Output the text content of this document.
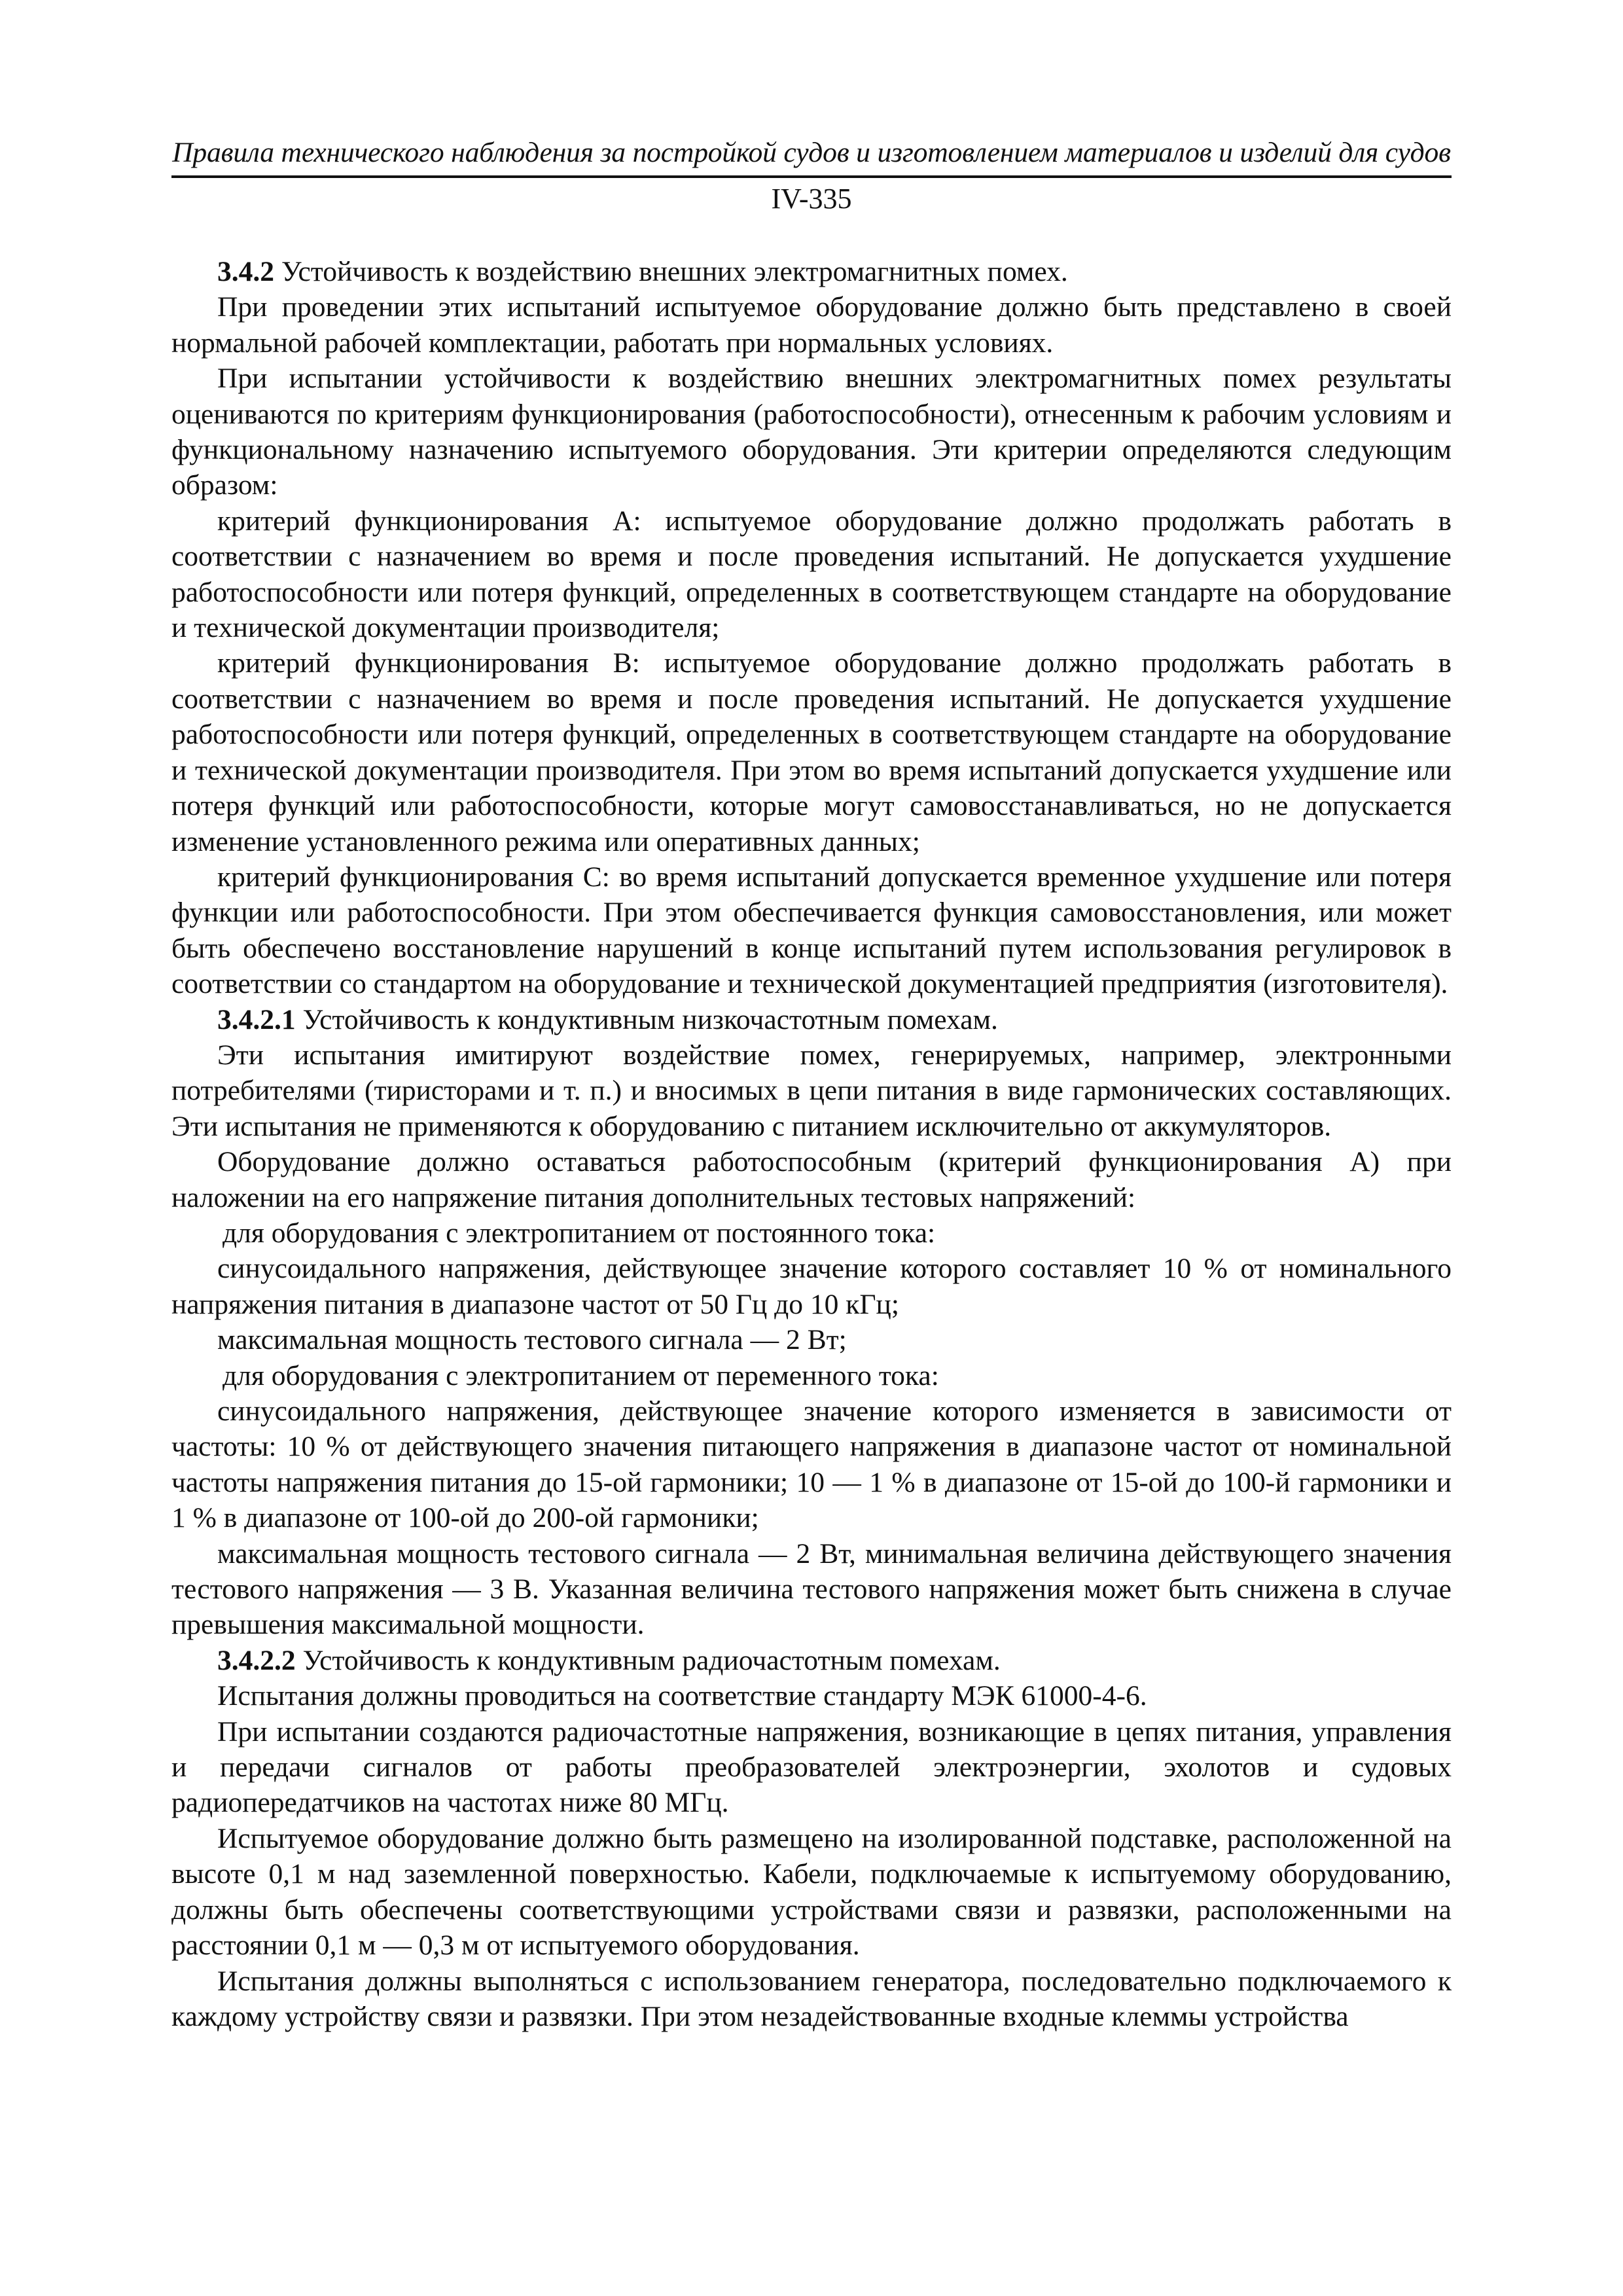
Правила технического наблюдения за постройкой судов и изготовлением материалов и изделий для судов
IV-335

3.4.2 Устойчивость к воздействию внешних электромагнитных помех.

При проведении этих испытаний испытуемое оборудование должно быть представлено в своей нормальной рабочей комплектации, работать при нормальных условиях.

При испытании устойчивости к воздействию внешних электромагнитных помех результаты оцениваются по критериям функционирования (работоспособности), отнесенным к рабочим условиям и функциональному назначению испытуемого оборудования. Эти критерии определяются следующим образом:

критерий функционирования А: испытуемое оборудование должно продолжать работать в соответствии с назначением во время и после проведения испытаний. Не допускается ухудшение работоспособности или потеря функций, определенных в соответствующем стандарте на оборудование и технической документации производителя;

критерий функционирования В: испытуемое оборудование должно продолжать работать в соответствии с назначением во время и после проведения испытаний. Не допускается ухудшение работоспособности или потеря функций, определенных в соответствующем стандарте на оборудование и технической документации производителя. При этом во время испытаний допускается ухудшение или потеря функций или работоспособности, которые могут самовосстанавливаться, но не допускается изменение установленного режима или оперативных данных;

критерий функционирования С: во время испытаний допускается временное ухудшение или потеря функции или работоспособности. При этом обеспечивается функция самовосстановления, или может быть обеспечено восстановление нарушений в конце испытаний путем использования регулировок в соответствии со стандартом на оборудование и технической документацией предприятия (изготовителя).

3.4.2.1 Устойчивость к кондуктивным низкочастотным помехам.

Эти испытания имитируют воздействие помех, генерируемых, например, электронными потребителями (тиристорами и т. п.) и вносимых в цепи питания в виде гармонических составляющих. Эти испытания не применяются к оборудованию с питанием исключительно от аккумуляторов.

Оборудование должно оставаться работоспособным (критерий функционирования А) при наложении на его напряжение питания дополнительных тестовых напряжений:

для оборудования с электропитанием от постоянного тока:

синусоидального напряжения, действующее значение которого составляет 10 % от номинального напряжения питания в диапазоне частот от 50 Гц до 10 кГц;

максимальная мощность тестового сигнала — 2 Вт;

для оборудования с электропитанием от переменного тока:

синусоидального напряжения, действующее значение которого изменяется в зависимости от частоты: 10 % от действующего значения питающего напряжения в диапазоне частот от номинальной частоты напряжения питания до 15-ой гармоники; 10 — 1 % в диапазоне от 15-ой до 100-й гармоники и 1 % в диапазоне от 100-ой до 200-ой гармоники;

максимальная мощность тестового сигнала — 2 Вт, минимальная величина действующего значения тестового напряжения — 3 В. Указанная величина тестового напряжения может быть снижена в случае превышения максимальной мощности.

3.4.2.2 Устойчивость к кондуктивным радиочастотным помехам.

Испытания должны проводиться на соответствие стандарту МЭК 61000-4-6.

При испытании создаются радиочастотные напряжения, возникающие в цепях питания, управления и передачи сигналов от работы преобразователей электроэнергии, эхолотов и судовых радиопередатчиков на частотах ниже 80 МГц.

Испытуемое оборудование должно быть размещено на изолированной подставке, расположенной на высоте 0,1 м над заземленной поверхностью. Кабели, подключаемые к испытуемому оборудованию, должны быть обеспечены соответствующими устройствами связи и развязки, расположенными на расстоянии 0,1 м — 0,3 м от испытуемого оборудования.

Испытания должны выполняться с использованием генератора, последовательно подключаемого к каждому устройству связи и развязки. При этом незадействованные входные клеммы устройства
